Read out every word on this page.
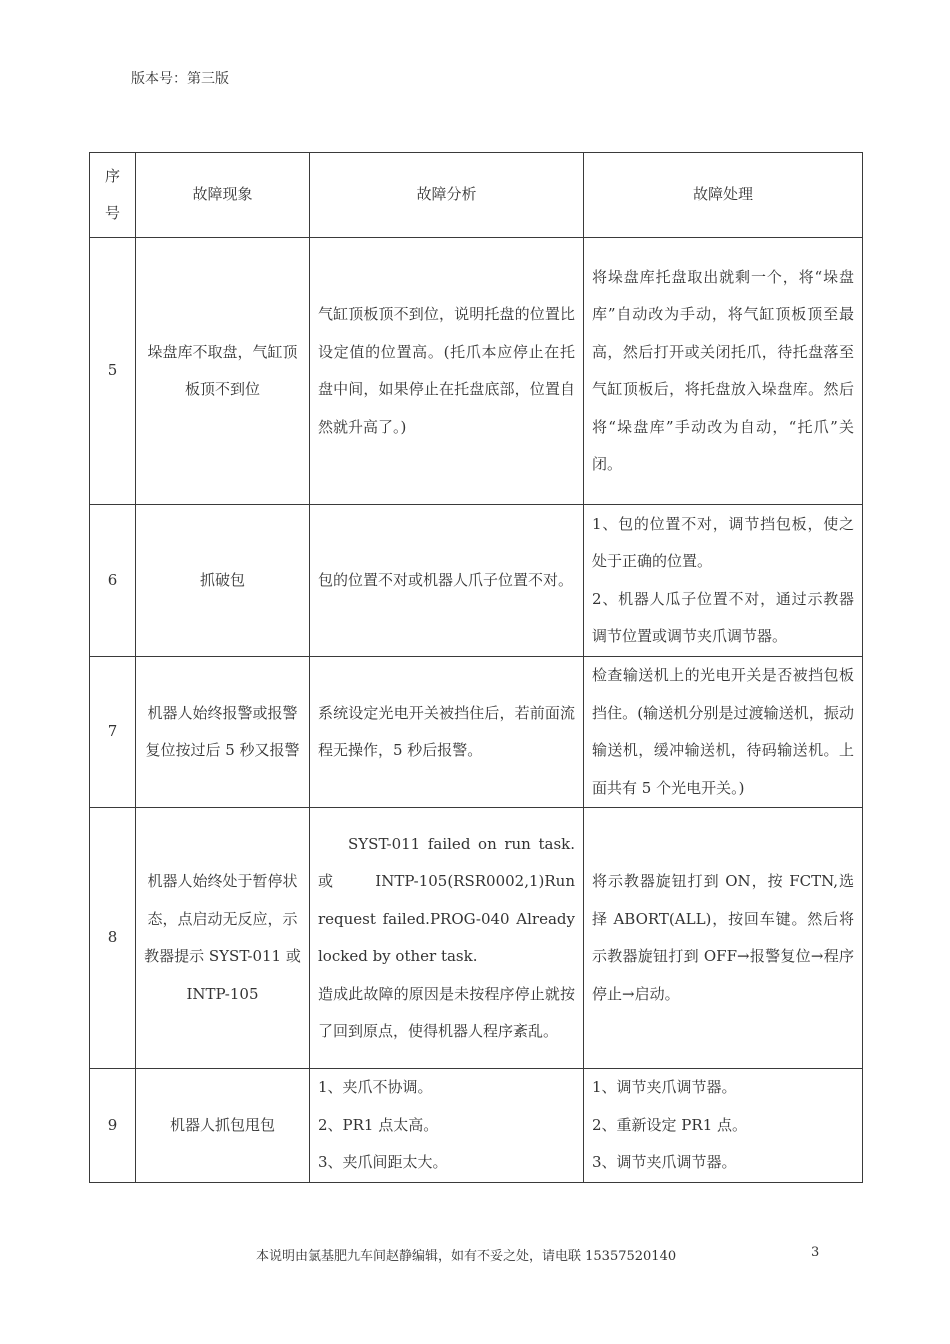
版本号：第三版
序
号	故障现象	故障分析	故障处理
5	垛盘库不取盘，气缸顶板顶不到位	气缸顶板顶不到位，说明托盘的位置比设定值的位置高。(托爪本应停止在托盘中间，如果停止在托盘底部，位置自然就升高了。)	将垛盘库托盘取出就剩一个，将“垛盘库”自动改为手动，将气缸顶板顶至最高，然后打开或关闭托爪，待托盘落至气缸顶板后，将托盘放入垛盘库。然后将“垛盘库”手动改为自动，“托爪”关闭。

6	抓破包	包的位置不对或机器人爪子位置不对。	1、包的位置不对，调节挡包板，使之处于正确的位置。
2、机器人瓜子位置不对，通过示教器调节位置或调节夹爪调节器。

7	机器人始终报警或报警复位按过后 5 秒又报警	系统设定光电开关被挡住后，若前面流程无操作，5 秒后报警。	检查输送机上的光电开关是否被挡包板挡住。(输送机分别是过渡输送机，振动输送机，缓冲输送机，待码输送机。上面共有 5 个光电开关。)

8	机器人始终处于暂停状态，点启动无反应，示教器提示 SYST-011 或 INTP-105	SYST-011 failed on run task.或 INTP-105(RSR0002,1)Run request failed.PROG-040 Already locked by other task.
造成此故障的原因是未按程序停止就按了回到原点，使得机器人程序紊乱。	将示教器旋钮打到 ON，按 FCTN,选择 ABORT(ALL)，按回车键。然后将示教器旋钮打到 OFF→报警复位→程序停止→启动。

9	机器人抓包甩包	1、夹爪不协调。
2、PR1 点太高。
3、夹爪间距太大。	1、调节夹爪调节器。
2、重新设定 PR1 点。
3、调节夹爪调节器。
本说明由氯基肥九车间赵静编辑，如有不妥之处，请电联 15357520140	3
